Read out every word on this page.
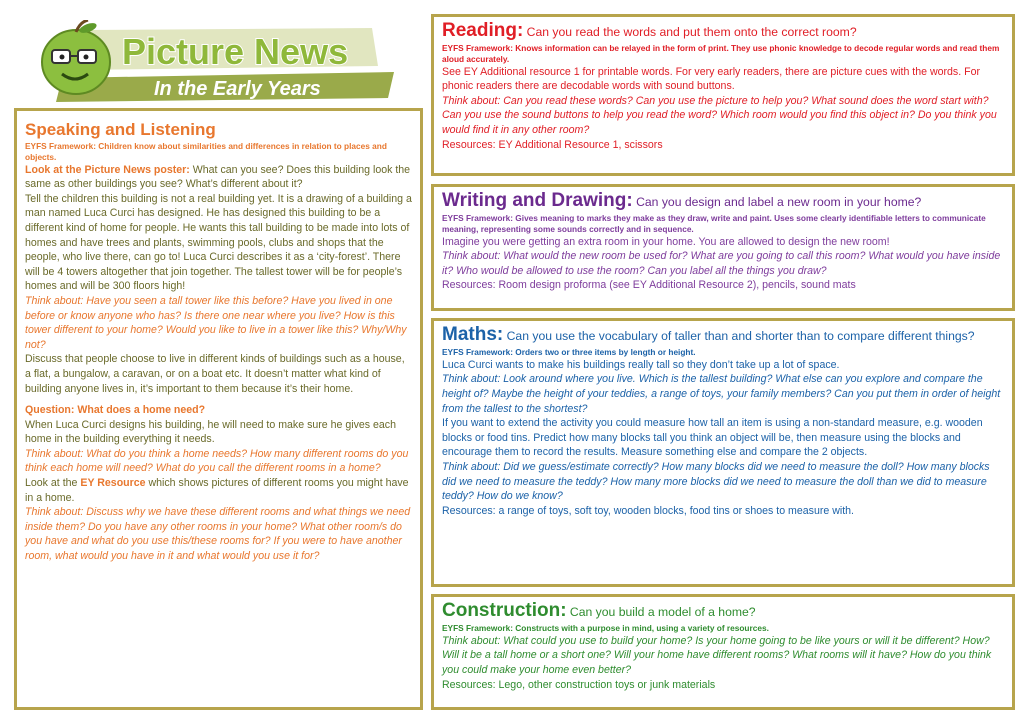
Picture News
In the Early Years

Speaking and Listening

EYFS Framework: Children know about similarities and differences in relation to places and objects.

Look at the Picture News poster: What can you see? Does this building look the same as other buildings you see? What’s different about it?

Tell the children this building is not a real building yet. It is a drawing of a building a man named Luca Curci has designed. He has designed this building to be a different kind of home for people. He wants this tall building to be made into lots of homes and have trees and plants, swimming pools, clubs and shops that the people, who live there, can go to! Luca Curci describes it as a ‘city-forest’. There will be 4 towers altogether that join together. The tallest tower will be for people’s homes and will be 300 floors high!

Think about: Have you seen a tall tower like this before? Have you lived in one before or know anyone who has? Is there one near where you live? How is this tower different to your home? Would you like to live in a tower like this? Why/Why not?

Discuss that people choose to live in different kinds of buildings such as a house, a flat, a bungalow, a caravan, or on a boat etc. It doesn’t matter what kind of building anyone lives in, it’s important to them because it’s their home.

Question: What does a home need?

When Luca Curci designs his building, he will need to make sure he gives each home in the building everything it needs.

Think about: What do you think a home needs? How many different rooms do you think each home will need? What do you call the different rooms in a home?

Look at the EY Resource which shows pictures of different rooms you might have in a home.

Think about: Discuss why we have these different rooms and what things we need inside them? Do you have any other rooms in your home? What other room/s do you have and what do you use this/these rooms for? If you were to have another room, what would you have in it and what would you use it for?

Reading: Can you read the words and put them onto the correct room?

EYFS Framework: Knows information can be relayed in the form of print. They use phonic knowledge to decode regular words and read them aloud accurately.

See EY Additional resource 1 for printable words. For very early readers, there are picture cues with the words. For phonic readers there are decodable words with sound buttons.

Think about: Can you read these words? Can you use the picture to help you? What sound does the word start with? Can you use the sound buttons to help you read the word? Which room would you find this object in? Do you think you would find it in any other room?

Resources: EY Additional Resource 1, scissors

Writing and Drawing: Can you design and label a new room in your home?

EYFS Framework: Gives meaning to marks they make as they draw, write and paint. Uses some clearly identifiable letters to communicate meaning, representing some sounds correctly and in sequence.

Imagine you were getting an extra room in your home. You are allowed to design the new room!

Think about: What would the new room be used for? What are you going to call this room? What would you have inside it? Who would be allowed to use the room? Can you label all the things you draw?

Resources: Room design proforma (see EY Additional Resource 2), pencils, sound mats

Maths: Can you use the vocabulary of taller than and shorter than to compare different things?

EYFS Framework: Orders two or three items by length or height.

Luca Curci wants to make his buildings really tall so they don’t take up a lot of space.

Think about: Look around where you live. Which is the tallest building? What else can you explore and compare the height of? Maybe the height of your teddies, a range of toys, your family members? Can you put them in order of height from the tallest to the shortest?

If you want to extend the activity you could measure how tall an item is using a non-standard measure, e.g. wooden blocks or food tins. Predict how many blocks tall you think an object will be, then measure using the blocks and encourage them to record the results. Measure something else and compare the 2 objects.

Think about: Did we guess/estimate correctly? How many blocks did we need to measure the doll? How many blocks did we need to measure the teddy? How many more blocks did we need to measure the doll than we did to measure teddy? How do we know?

Resources: a range of toys, soft toy, wooden blocks, food tins or shoes to measure with.

Construction: Can you build a model of a home?

EYFS Framework: Constructs with a purpose in mind, using a variety of resources.

Think about: What could you use to build your home? Is your home going to be like yours or will it be different? How? Will it be a tall home or a short one? Will your home have different rooms? What rooms will it have? How do you think you could make your home even better?

Resources: Lego, other construction toys or junk materials
